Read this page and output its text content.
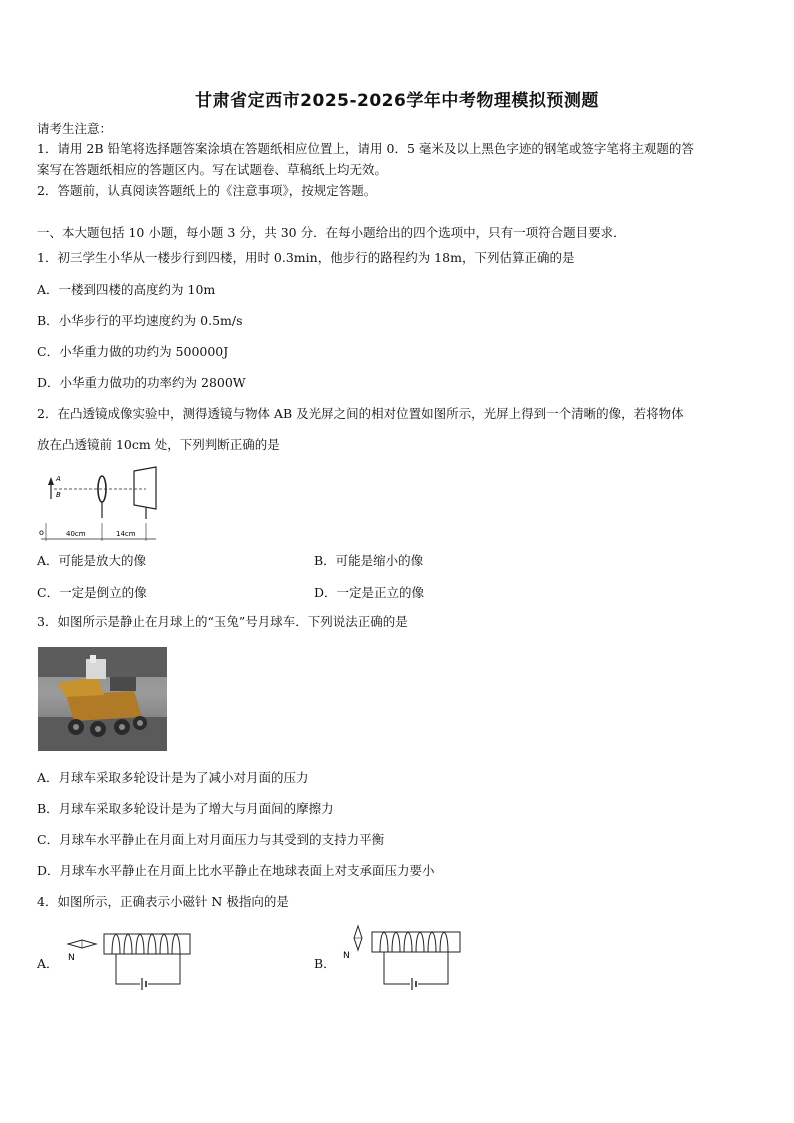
甘肃省定西市2025-2026学年中考物理模拟预测题
请考生注意：
1．请用 2B 铅笔将选择题答案涂填在答题纸相应位置上，请用 0．5 毫米及以上黑色字迹的钢笔或签字笔将主观题的答
案写在答题纸相应的答题区内。写在试题卷、草稿纸上均无效。
2．答题前，认真阅读答题纸上的《注意事项》，按规定答题。
一、本大题包括 10 小题，每小题 3 分，共 30 分．在每小题给出的四个选项中，只有一项符合题目要求．
1．初三学生小华从一楼步行到四楼，用时 0.3min，他步行的路程约为 18m，下列估算正确的是
A．一楼到四楼的高度约为 10m
B．小华步行的平均速度约为 0.5m/s
C．小华重力做的功约为 500000J
D．小华重力做功的功率约为 2800W
2．在凸透镜成像实验中，测得透镜与物体 AB 及光屏之间的相对位置如图所示，光屏上得到一个清晰的像，若将物体
放在凸透镜前 10cm 处，下列判断正确的是
A
B
o	40cm	14cm
A．可能是放大的像	B．可能是缩小的像
C．一定是倒立的像	D．一定是正立的像
3．如图所示是静止在月球上的“玉兔”号月球车．下列说法正确的是
A．月球车采取多轮设计是为了减小对月面的压力
B．月球车采取多轮设计是为了增大与月面间的摩擦力
C．月球车水平静止在月面上对月面压力与其受到的支持力平衡
D．月球车水平静止在月面上比水平静止在地球表面上对支承面压力要小
4．如图所示，正确表示小磁针 N 极指向的是
A． N	B． N
